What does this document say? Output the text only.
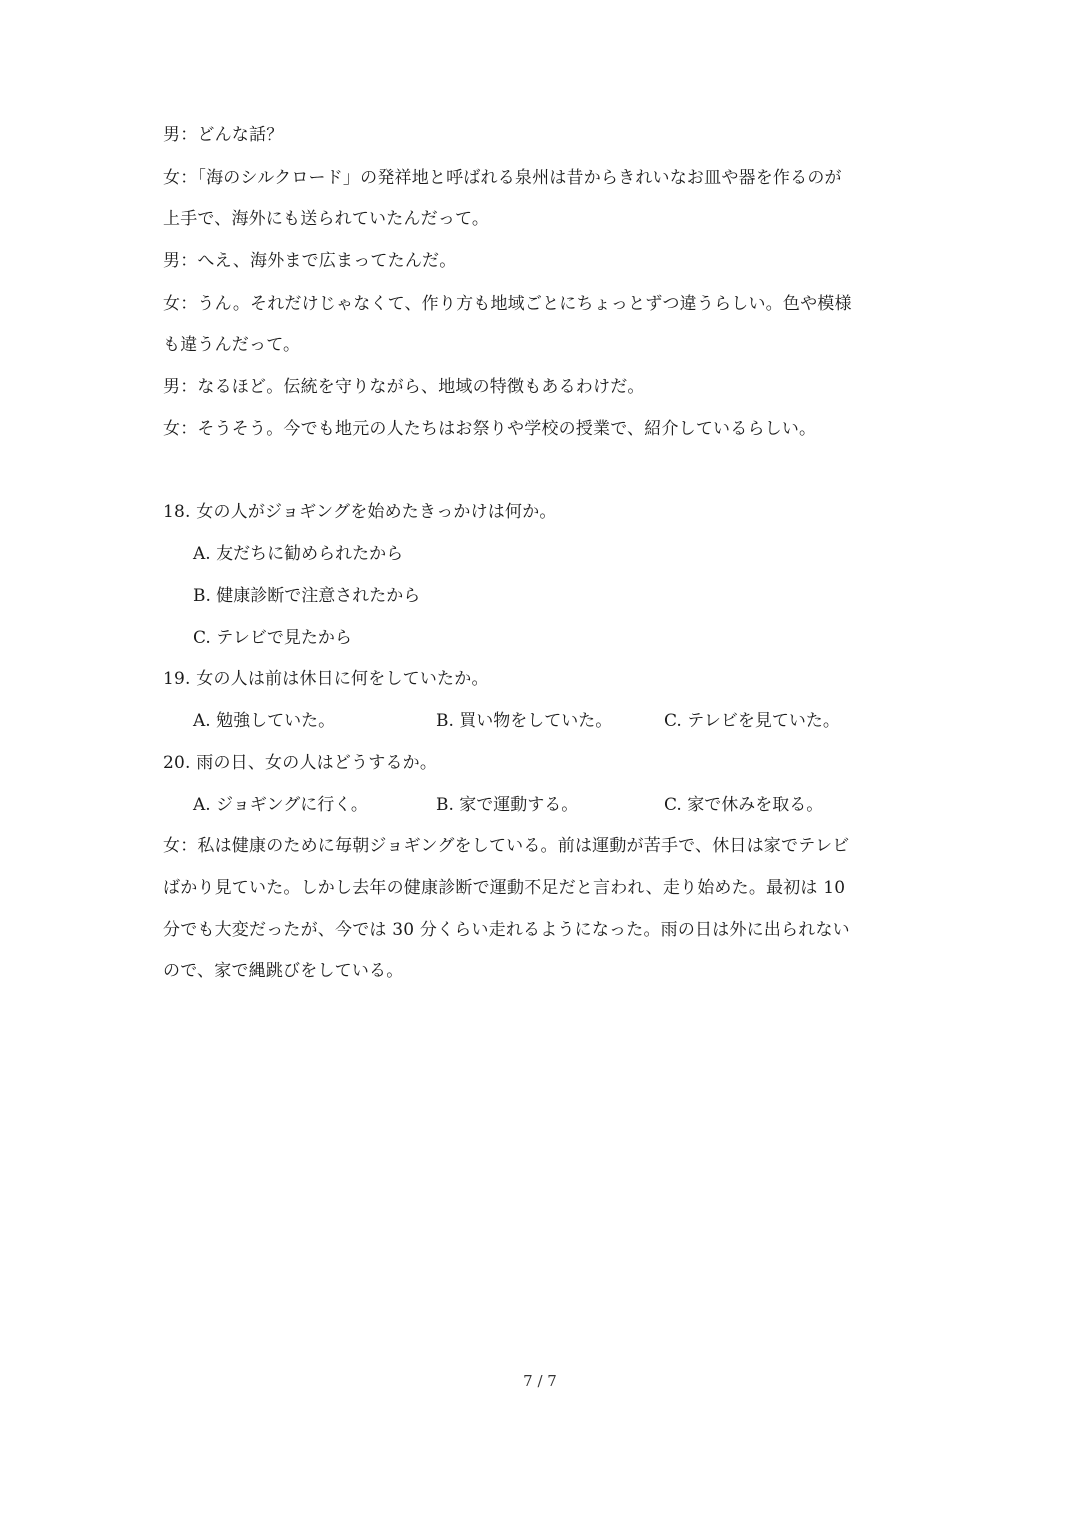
男：どんな話？
女：「海のシルクロード」の発祥地と呼ばれる泉州は昔からきれいなお皿や器を作るのが
上手で、海外にも送られていたんだって。
男：へえ、海外まで広まってたんだ。
女：うん。それだけじゃなくて、作り方も地域ごとにちょっとずつ違うらしい。色や模様
も違うんだって。
男：なるほど。伝統を守りながら、地域の特徴もあるわけだ。
女：そうそう。今でも地元の人たちはお祭りや学校の授業で、紹介しているらしい。
18. 女の人がジョギングを始めたきっかけは何か。
A. 友だちに勧められたから
B. 健康診断で注意されたから
C. テレビで見たから
19. 女の人は前は休日に何をしていたか。
A. 勉強していた。	B. 買い物をしていた。	C. テレビを見ていた。
20. 雨の日、女の人はどうするか。
A. ジョギングに行く。	B. 家で運動する。	C. 家で休みを取る。
女：私は健康のために毎朝ジョギングをしている。前は運動が苦手で、休日は家でテレビ
ばかり見ていた。しかし去年の健康診断で運動不足だと言われ、走り始めた。最初は 10
分でも大変だったが、今では 30 分くらい走れるようになった。雨の日は外に出られない
ので、家で縄跳びをしている。
7 / 7
